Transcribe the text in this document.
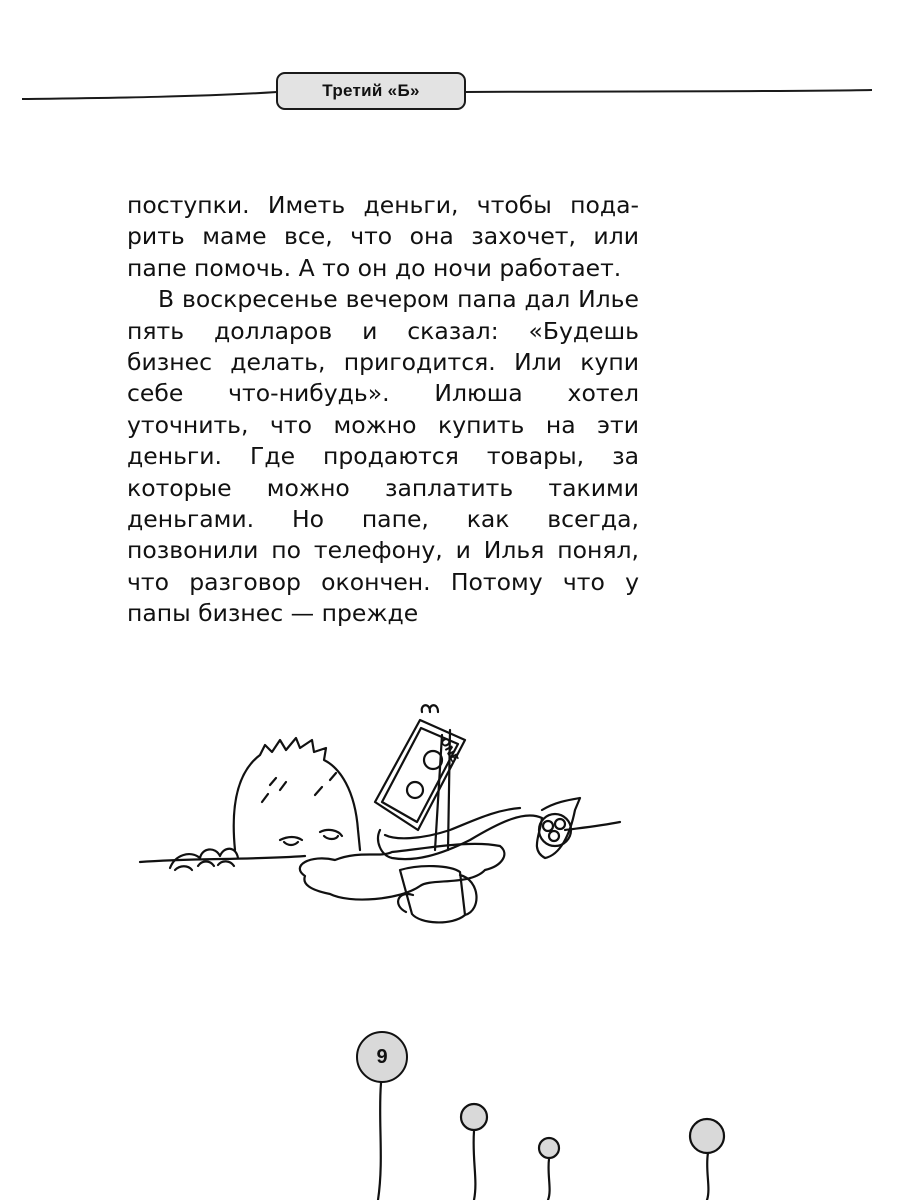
Третий «Б»

поступки. Иметь деньги, чтобы подарить маме все, что она захочет, или папе помочь. А то он до ночи работает.

В воскресенье вечером папа дал Илье пять долларов и сказал: «Будешь бизнес делать, пригодится. Или купи себе что-нибудь». Илюша хотел уточнить, что можно купить на эти деньги. Где продаются товары, за которые можно заплатить такими деньгами. Но папе, как всегда, позвонили по телефону, и Илья понял, что разговор окончен. Потому что у папы бизнес — прежде

ONE
9
